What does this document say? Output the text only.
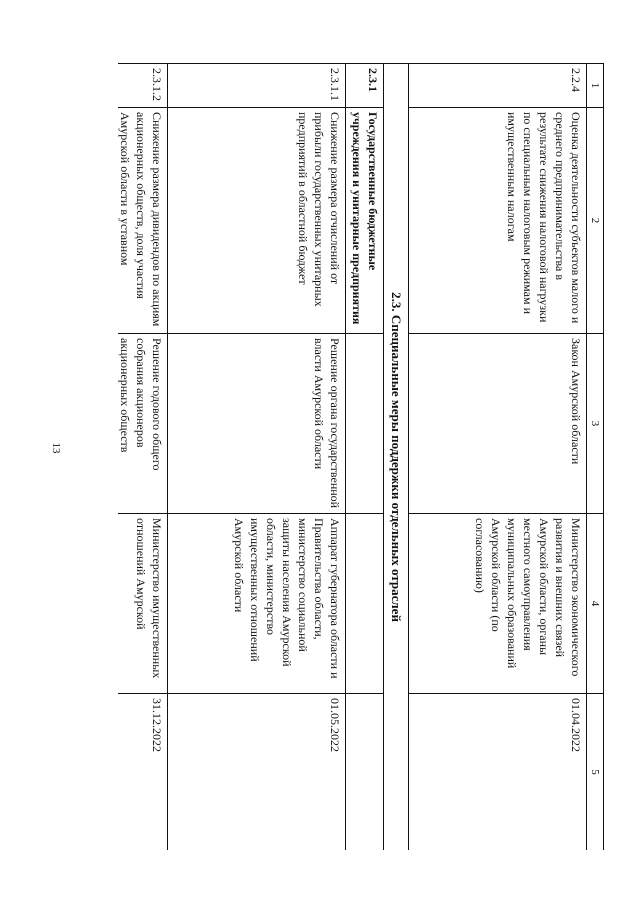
13
1	2	3	4	5
2.2.4	Оценка деятельности субъектов малого и среднего предпринимательства в результате снижения налоговой нагрузки по специальным налоговым режимам и имущественным налогам	Закон Амурской области	Министерство экономического развития и внешних связей Амурской области, органы местного самоуправления муниципальных образований Амурской области (по согласованию)	01.04.2022
2.3. Специальные меры поддержки отдельных отраслей				
2.3.1	Государственные бюджетные учреждения и унитарные предприятия			
2.3.1.1	Снижение размера отчислений от прибыли государственных унитарных предприятий в областной бюджет	Решение органа государственной власти Амурской области	Аппарат губернатора области и Правительства области, министерство социальной защиты населения Амурской области, министерство имущественных отношений Амурской области	01.05.2022
2.3.1.2	Снижение размера дивидендов по акциям акционерных обществ, доля участия Амурской области в уставном	Решение годового общего собрания акционеров акционерных обществ	Министерство имущественных отношений Амурской	31.12.2022
